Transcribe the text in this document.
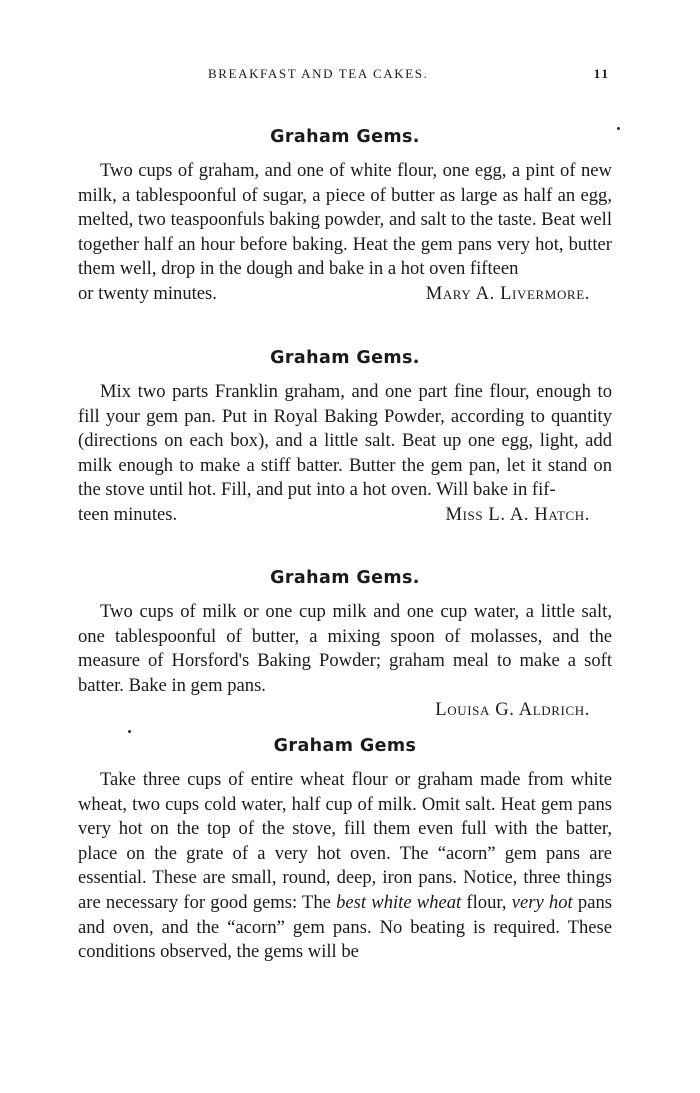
BREAKFAST AND TEA CAKES.	11
Graham Gems.

Two cups of graham, and one of white flour, one egg, a pint of new milk, a tablespoonful of sugar, a piece of butter as large as half an egg, melted, two teaspoonfuls baking powder, and salt to the taste. Beat well together half an hour before baking. Heat the gem pans very hot, butter them well, drop in the dough and bake in a hot oven fifteen

or twenty minutes.	Mary A. Livermore.
Graham Gems.

Mix two parts Franklin graham, and one part fine flour, enough to fill your gem pan. Put in Royal Baking Powder, according to quantity (directions on each box), and a little salt. Beat up one egg, light, add milk enough to make a stiff batter. Butter the gem pan, let it stand on the stove until hot. Fill, and put into a hot oven. Will bake in fif-

teen minutes.	Miss L. A. Hatch.
Graham Gems.

Two cups of milk or one cup milk and one cup water, a little salt, one tablespoonful of butter, a mixing spoon of molasses, and the measure of Horsford's Baking Powder; graham meal to make a soft batter. Bake in gem pans.

Louisa G. Aldrich.
Graham Gems

Take three cups of entire wheat flour or graham made from white wheat, two cups cold water, half cup of milk. Omit salt. Heat gem pans very hot on the top of the stove, fill them even full with the batter, place on the grate of a very hot oven. The “acorn” gem pans are essential. These are small, round, deep, iron pans. Notice, three things are necessary for good gems: The best white wheat flour, very hot pans and oven, and the “acorn” gem pans. No beating is required. These conditions observed, the gems will be
